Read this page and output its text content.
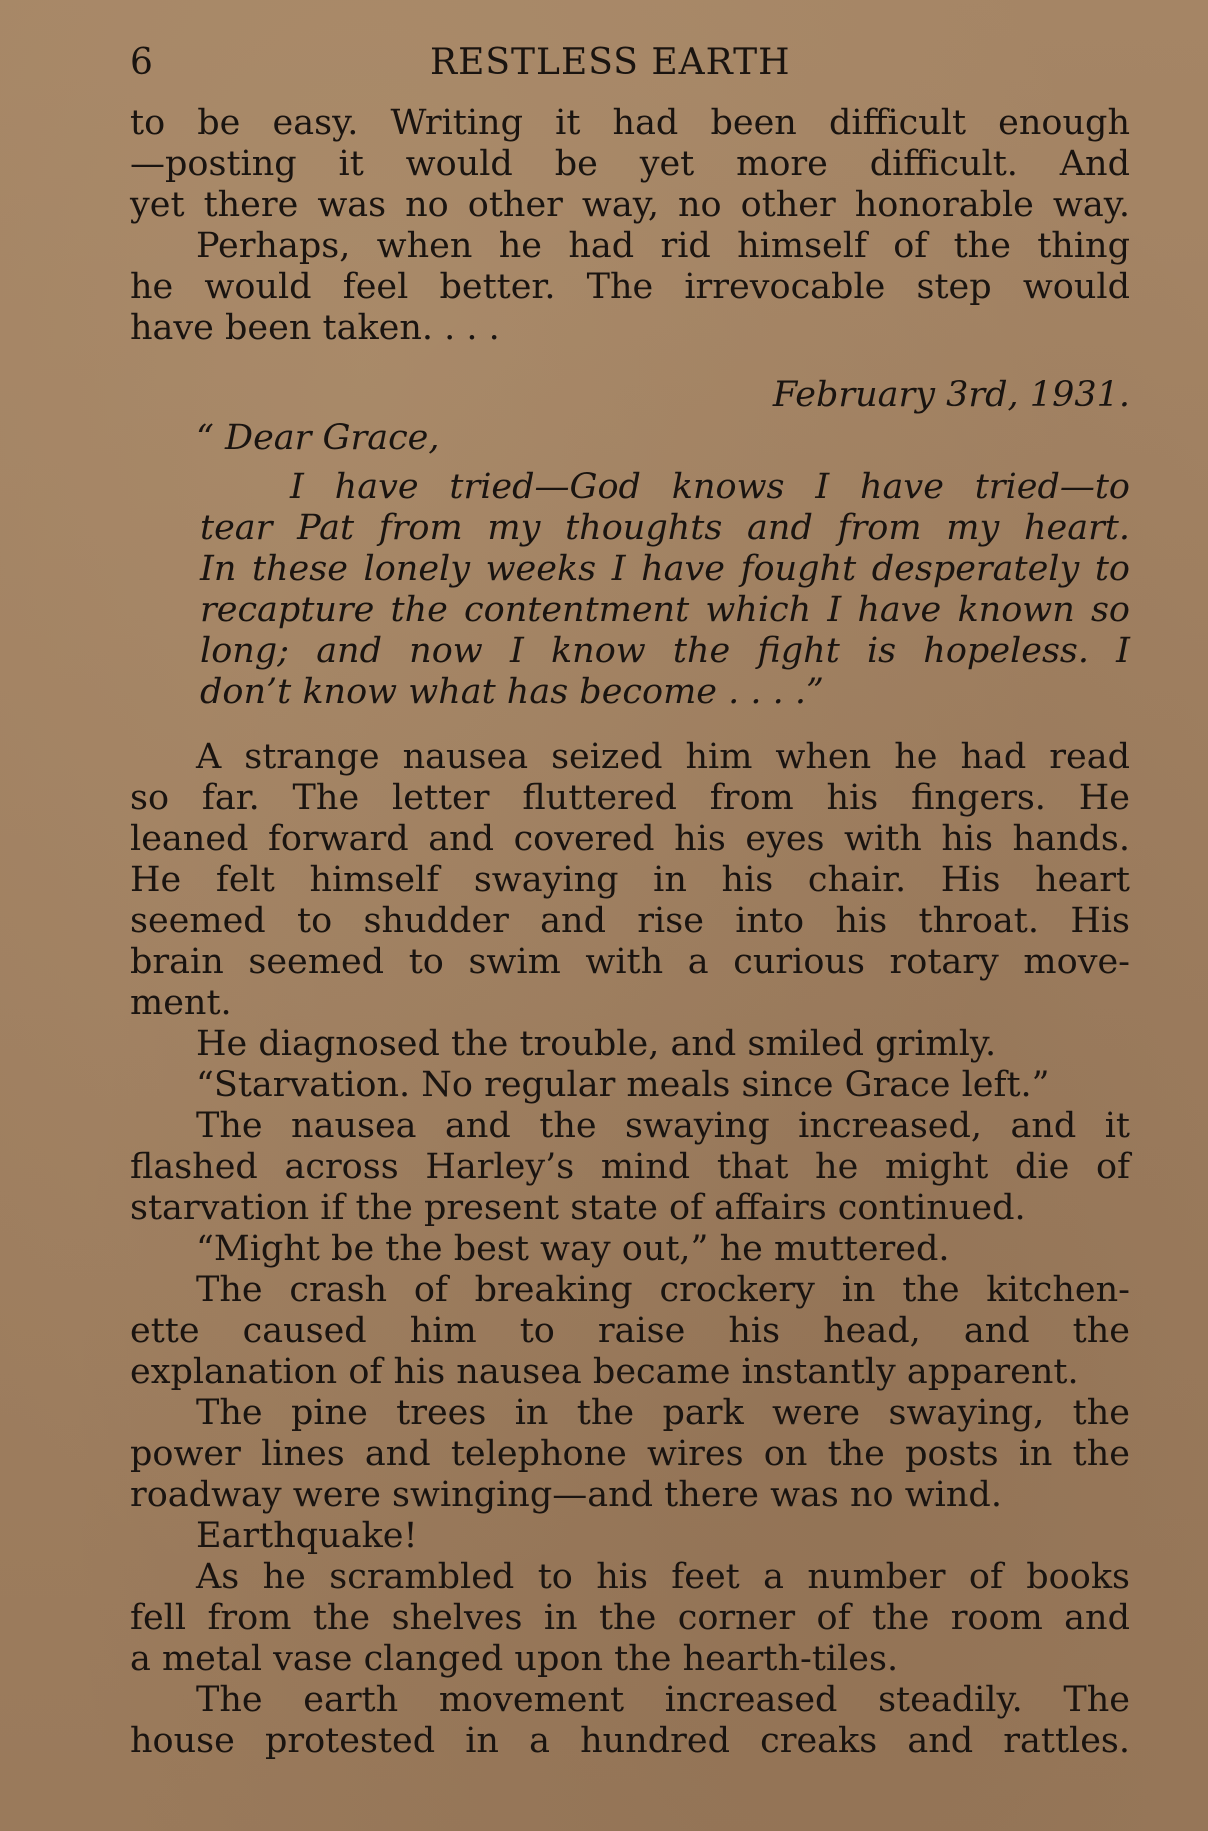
6	RESTLESS EARTH
to be easy. Writing it had been difficult enough
—posting it would be yet more difficult. And
yet there was no other way, no other honorable way.
Perhaps, when he had rid himself of the thing
he would feel better. The irrevocable step would
have been taken. . . .
February 3rd, 1931.
“ Dear Grace,
I have tried—God knows I have tried—to
tear Pat from my thoughts and from my heart.
In these lonely weeks I have fought desperately to
recapture the contentment which I have known so
long; and now I know the fight is hopeless. I
don’t know what has become . . . .”
A strange nausea seized him when he had read
so far. The letter fluttered from his fingers. He
leaned forward and covered his eyes with his hands.
He felt himself swaying in his chair. His heart
seemed to shudder and rise into his throat. His
brain seemed to swim with a curious rotary move-
ment.
He diagnosed the trouble, and smiled grimly.
“Starvation. No regular meals since Grace left.”
The nausea and the swaying increased, and it
flashed across Harley’s mind that he might die of
starvation if the present state of affairs continued.
“Might be the best way out,” he muttered.
The crash of breaking crockery in the kitchen-
ette caused him to raise his head, and the
explanation of his nausea became instantly apparent.
The pine trees in the park were swaying, the
power lines and telephone wires on the posts in the
roadway were swinging—and there was no wind.
Earthquake!
As he scrambled to his feet a number of books
fell from the shelves in the corner of the room and
a metal vase clanged upon the hearth-tiles.
The earth movement increased steadily. The
house protested in a hundred creaks and rattles.
